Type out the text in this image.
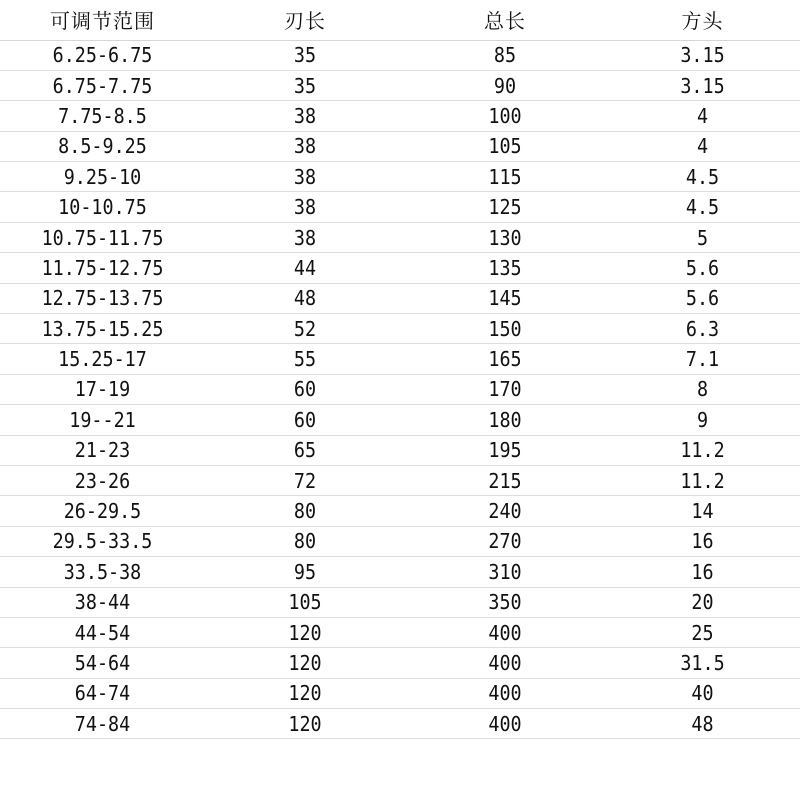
可调节范围	刃长	总长	方头
6.25-6.75	35	85	3.15
6.75-7.75	35	90	3.15
7.75-8.5	38	100	4
8.5-9.25	38	105	4
9.25-10	38	115	4.5
10-10.75	38	125	4.5
10.75-11.75	38	130	5
11.75-12.75	44	135	5.6
12.75-13.75	48	145	5.6
13.75-15.25	52	150	6.3
15.25-17	55	165	7.1
17-19	60	170	8
19--21	60	180	9
21-23	65	195	11.2
23-26	72	215	11.2
26-29.5	80	240	14
29.5-33.5	80	270	16
33.5-38	95	310	16
38-44	105	350	20
44-54	120	400	25
54-64	120	400	31.5
64-74	120	400	40
74-84	120	400	48
